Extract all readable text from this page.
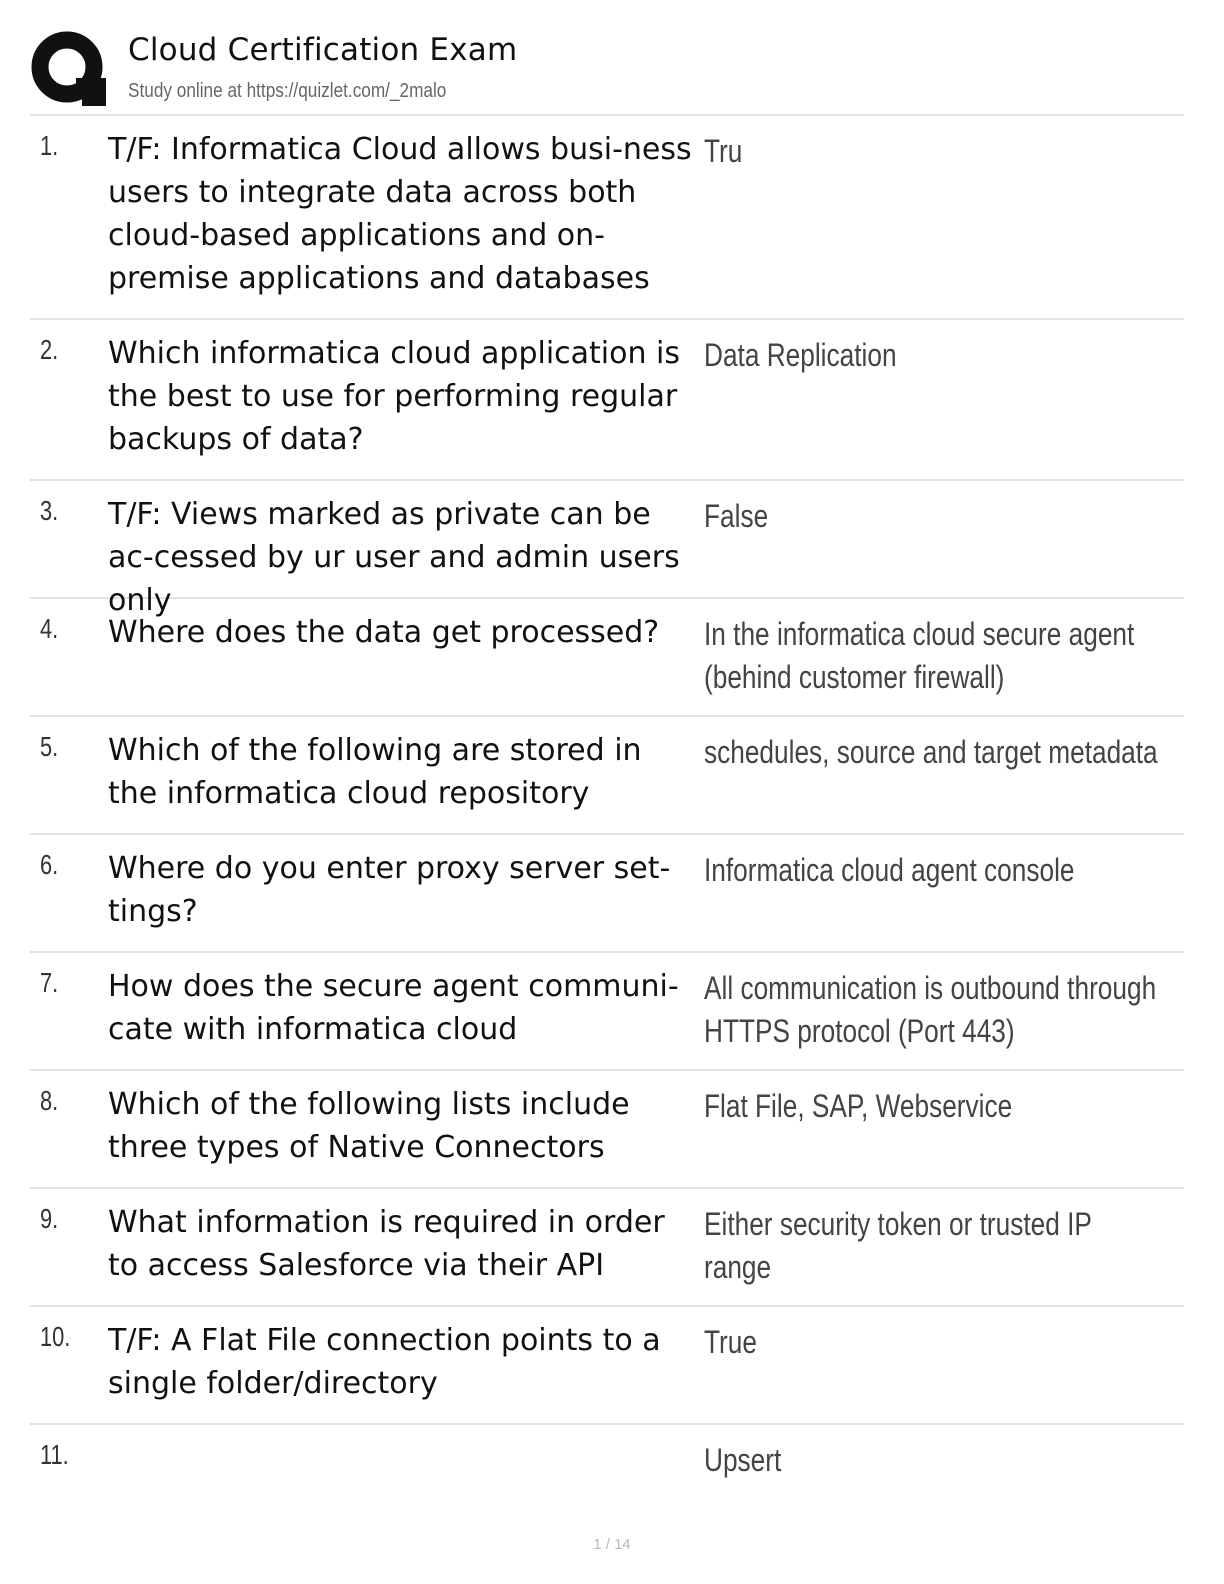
Cloud Certification Exam
Study online at https://quizlet.com/_2malo
1. T/F: Informatica Cloud allows busi-ness users to integrate data across both cloud-based applications and on-premise applications and databases
Tru
2. Which informatica cloud application is the best to use for performing regular backups of data?
Data Replication
3. T/F: Views marked as private can be ac-cessed by ur user and admin users only
False
4. Where does the data get processed?	In the informatica cloud secure agent (behind customer firewall)
5. Which of the following are stored in the informatica cloud repository
schedules, source and target metadata
6. Where do you enter proxy server set-tings?
Informatica cloud agent console
7. How does the secure agent communi-cate with informatica cloud
All communication is outbound through HTTPS protocol (Port 443)
8. Which of the following lists include three types of Native Connectors
Flat File, SAP, Webservice
9. What information is required in order to access Salesforce via their API
Either security token or trusted IP range
10. T/F: A Flat File connection points to a single folder/directory
True
11.	Upsert
1 / 14
